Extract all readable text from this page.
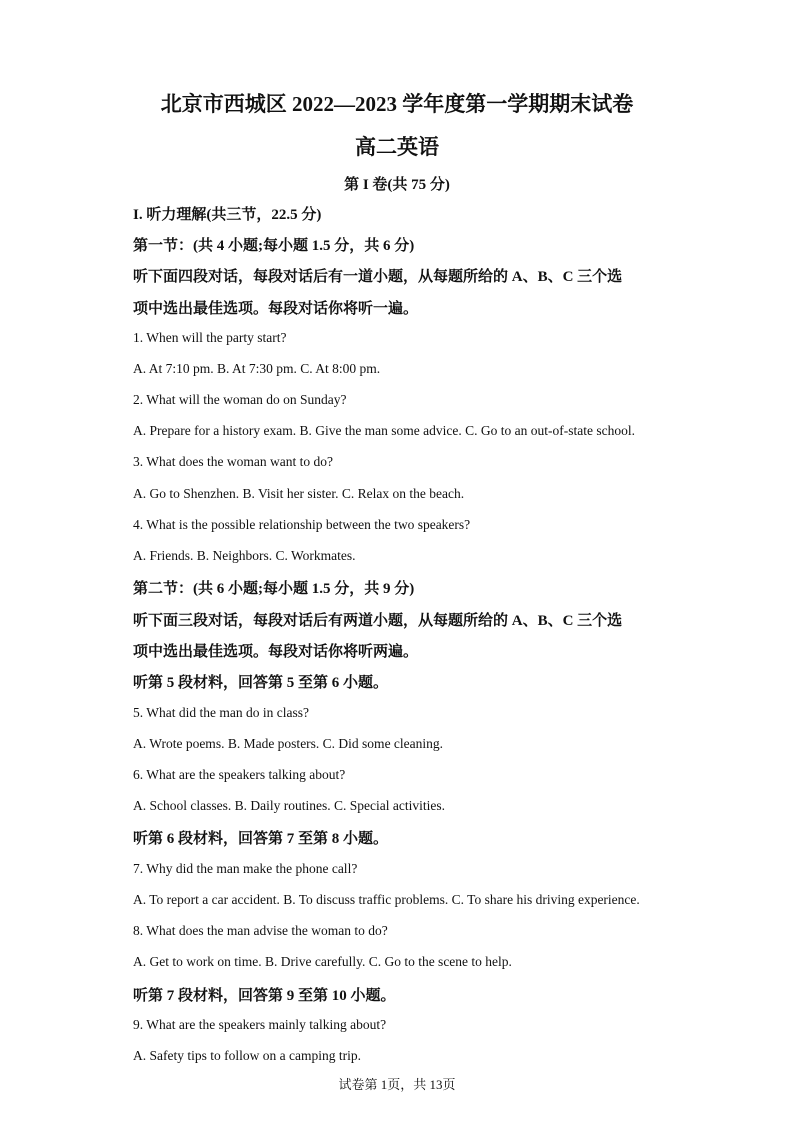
北京市西城区 2022—2023 学年度第一学期期末试卷
高二英语
第 I 卷(共 75 分)
I. 听力理解(共三节，22.5 分)
第一节：(共 4 小题;每小题 1.5 分，共 6 分)
听下面四段对话，每段对话后有一道小题，从每题所给的 A、B、C 三个选
项中选出最佳选项。每段对话你将听一遍。
1. When will the party start?
A. At 7:10 pm. B. At 7:30 pm. C. At 8:00 pm.
2. What will the woman do on Sunday?
A. Prepare for a history exam. B. Give the man some advice. C. Go to an out-of-state school.
3. What does the woman want to do?
A. Go to Shenzhen. B. Visit her sister. C. Relax on the beach.
4. What is the possible relationship between the two speakers?
A. Friends. B. Neighbors. C. Workmates.
第二节：(共 6 小题;每小题 1.5 分，共 9 分)
听下面三段对话，每段对话后有两道小题，从每题所给的 A、B、C 三个选
项中选出最佳选项。每段对话你将听两遍。
听第 5 段材料，回答第 5 至第 6 小题。
5. What did the man do in class?
A. Wrote poems. B. Made posters. C. Did some cleaning.
6. What are the speakers talking about?
A. School classes. B. Daily routines. C. Special activities.
听第 6 段材料，回答第 7 至第 8 小题。
7. Why did the man make the phone call?
A. To report a car accident. B. To discuss traffic problems. C. To share his driving experience.
8. What does the man advise the woman to do?
A. Get to work on time. B. Drive carefully. C. Go to the scene to help.
听第 7 段材料，回答第 9 至第 10 小题。
9. What are the speakers mainly talking about?
A. Safety tips to follow on a camping trip.
试卷第 1页，共 13页
